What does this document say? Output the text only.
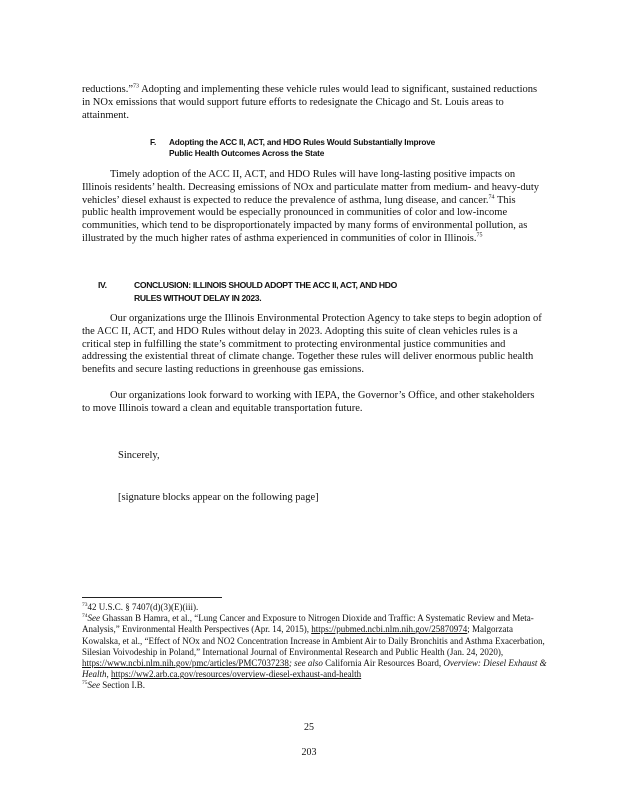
reductions.”$^{73}$ Adopting and implementing these vehicle rules would lead to significant, sustained reductions in NOx emissions that would support future efforts to redesignate the Chicago and St. Louis areas to attainment.

F. Adopting the ACC II, ACT, and HDO Rules Would Substantially Improve
Public Health Outcomes Across the State

Timely adoption of the ACC II, ACT, and HDO Rules will have long-lasting positive impacts on Illinois residents’ health. Decreasing emissions of NOx and particulate matter from medium- and heavy-duty vehicles’ diesel exhaust is expected to reduce the prevalence of asthma, lung disease, and cancer.$^{74}$ This public health improvement would be especially pronounced in communities of color and low-income communities, which tend to be disproportionately impacted by many forms of environmental pollution, as illustrated by the much higher rates of asthma experienced in communities of color in Illinois.$^{75}$

IV.	CONCLUSION: ILLINOIS SHOULD ADOPT THE ACC II, ACT, AND HDO
RULES WITHOUT DELAY IN 2023.

Our organizations urge the Illinois Environmental Protection Agency to take steps to begin adoption of the ACC II, ACT, and HDO Rules without delay in 2023. Adopting this suite of clean vehicles rules is a critical step in fulfilling the state’s commitment to protecting environmental justice communities and addressing the existential threat of climate change. Together these rules will deliver enormous public health benefits and secure lasting reductions in greenhouse gas emissions.

Our organizations look forward to working with IEPA, the Governor’s Office, and other stakeholders to move Illinois toward a clean and equitable transportation future.

Sincerely,
[signature blocks appear on the following page]

$^{73}$42 U.S.C. § 7407(d)(3)(E)(iii).

$^{74}$See Ghassan B Hamra, et al., “Lung Cancer and Exposure to Nitrogen Dioxide and Traffic: A Systematic Review and Meta-Analysis,” Environmental Health Perspectives (Apr. 14, 2015), https://pubmed.ncbi.nlm.nih.gov/25870974; Malgorzata Kowalska, et al., “Effect of NOx and NO2 Concentration Increase in Ambient Air to Daily Bronchitis and Asthma Exacerbation, Silesian Voivodeship in Poland,” International Journal of Environmental Research and Public Health (Jan. 24, 2020), https://www.ncbi.nlm.nih.gov/pmc/articles/PMC7037238; see also California Air Resources Board, Overview: Diesel Exhaust & Health, https://ww2.arb.ca.gov/resources/overview-diesel-exhaust-and-health

$^{75}$See Section I.B.

25
203
